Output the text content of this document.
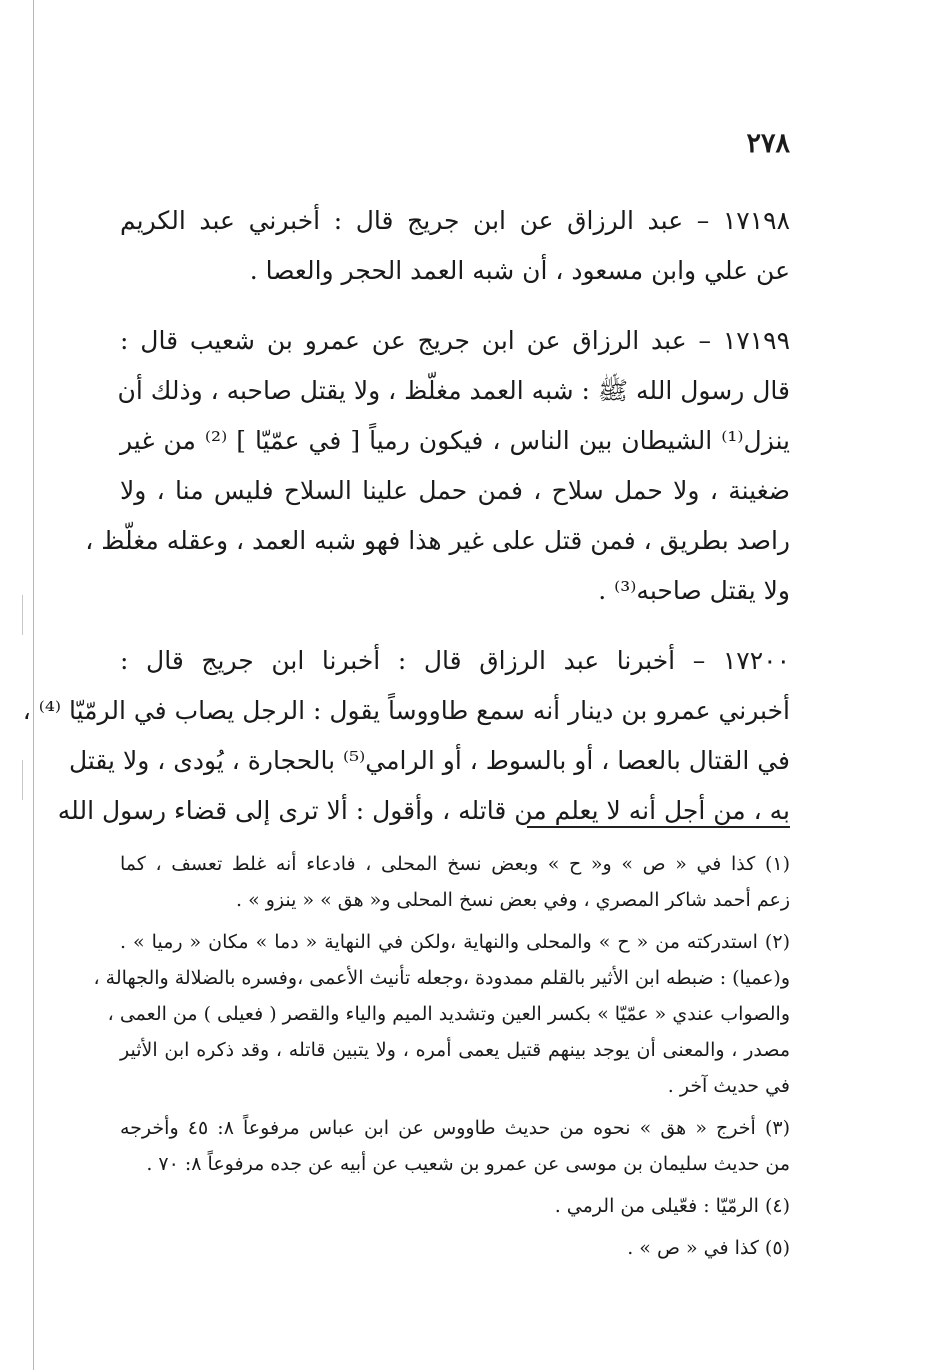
٢٧٨
١٧١٩٨ – عبد الرزاق عن ابن جريج قال : أخبرني عبد الكريم
عن علي وابن مسعود ، أن شبه العمد الحجر والعصا .
١٧١٩٩ – عبد الرزاق عن ابن جريج عن عمرو بن شعيب قال :
قال رسول الله ﷺ : شبه العمد مغلّظ ، ولا يقتل صاحبه ، وذلك أن
ينزل⁽¹⁾ الشيطان بين الناس ، فيكون رمياً [ في عمّيّا ] ⁽²⁾ من غير
ضغينة ، ولا حمل سلاح ، فمن حمل علينا السلاح فليس منا ، ولا
راصد بطريق ، فمن قتل على غير هذا فهو شبه العمد ، وعقله مغلّظ ،
ولا يقتل صاحبه⁽³⁾ .
١٧٢٠٠ – أخبرنا عبد الرزاق قال : أخبرنا ابن جريج قال :
أخبرني عمرو بن دينار أنه سمع طاووساً يقول : الرجل يصاب في الرمّيّا ⁽⁴⁾ ،
في القتال بالعصا ، أو بالسوط ، أو الرامي⁽⁵⁾ بالحجارة ، يُودى ، ولا يقتل
به ، من أجل أنه لا يعلم من قاتله ، وأقول : ألا ترى إلى قضاء رسول الله
(١) كذا في « ص » و« ح » وبعض نسخ المحلى ، فادعاء أنه غلط تعسف ، كما
زعم أحمد شاكر المصري ، وفي بعض نسخ المحلى و« هق » « ينزو » .
(٢) استدركته من « ح » والمحلى والنهاية ،ولكن في النهاية « دما » مكان « رميا » .
و(عميا) : ضبطه ابن الأثير بالقلم ممدودة ،وجعله تأنيث الأعمى ،وفسره بالضلالة والجهالة ،
والصواب عندي « عمّيّا » بكسر العين وتشديد الميم والياء والقصر ( فعيلى ) من العمى ،
مصدر ، والمعنى أن يوجد بينهم قتيل يعمى أمره ، ولا يتبين قاتله ، وقد ذكره ابن الأثير
في حديث آخر .
(٣) أخرج « هق » نحوه من حديث طاووس عن ابن عباس مرفوعاً ٨: ٤٥ وأخرجه
من حديث سليمان بن موسى عن عمرو بن شعيب عن أبيه عن جده مرفوعاً ٨: ٧٠ .
(٤) الرمّيّا : فعّيلى من الرمي .
(٥) كذا في « ص » .
